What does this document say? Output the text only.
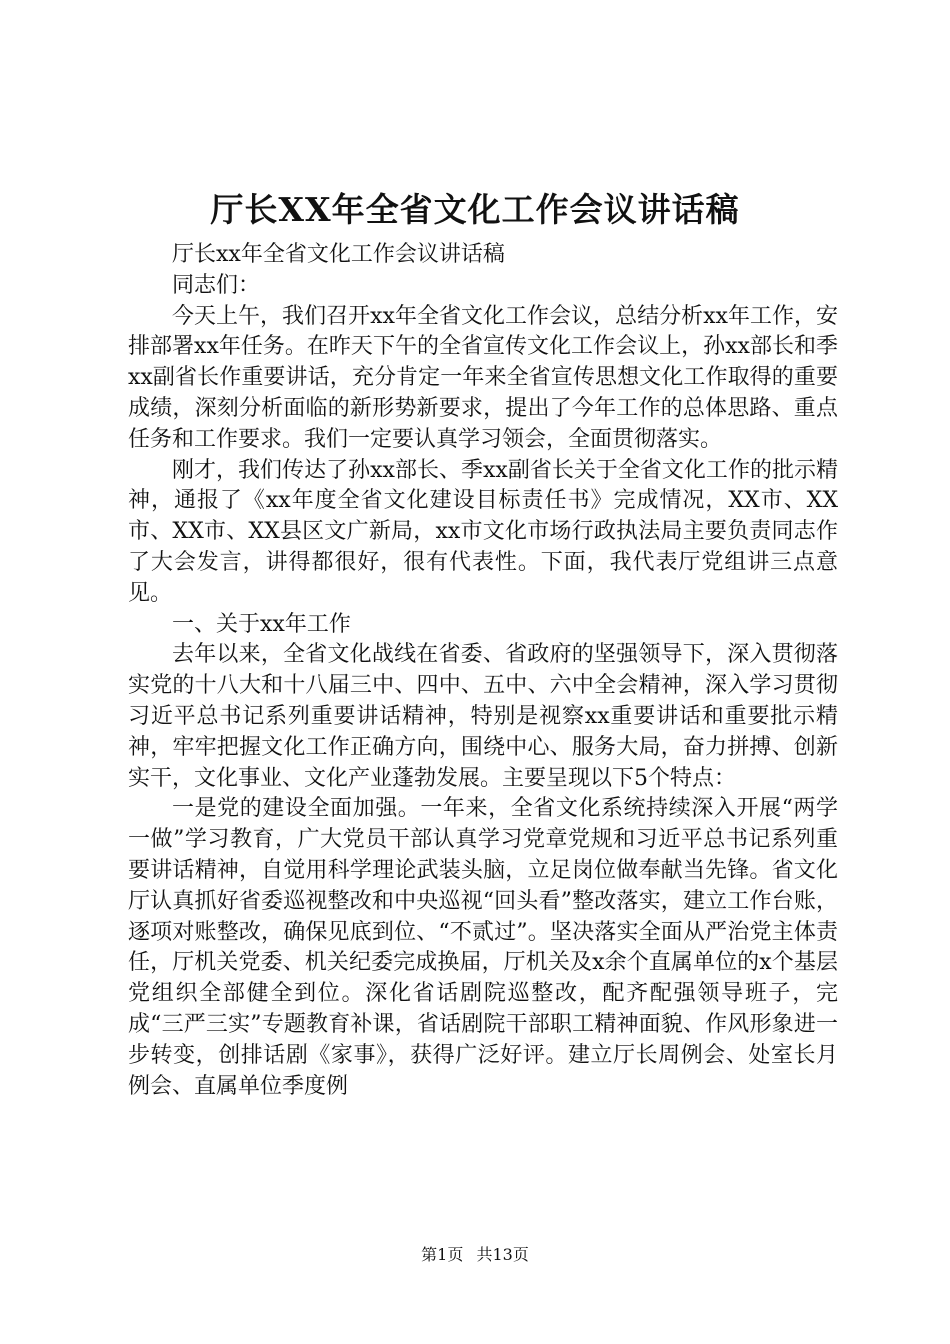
厅长XX年全省文化工作会议讲话稿

厅长xx年全省文化工作会议讲话稿

同志们：

今天上午，我们召开xx年全省文化工作会议，总结分析xx年工作，安排部署xx年任务。在昨天下午的全省宣传文化工作会议上，孙xx部长和季xx副省长作重要讲话，充分肯定一年来全省宣传思想文化工作取得的重要成绩，深刻分析面临的新形势新要求，提出了今年工作的总体思路、重点任务和工作要求。我们一定要认真学习领会，全面贯彻落实。

刚才，我们传达了孙xx部长、季xx副省长关于全省文化工作的批示精神，通报了《xx年度全省文化建设目标责任书》完成情况，XX市、XX市、XX市、XX县区文广新局，xx市文化市场行政执法局主要负责同志作了大会发言，讲得都很好，很有代表性。下面，我代表厅党组讲三点意见。

一、关于xx年工作

去年以来，全省文化战线在省委、省政府的坚强领导下，深入贯彻落实党的十八大和十八届三中、四中、五中、六中全会精神，深入学习贯彻习近平总书记系列重要讲话精神，特别是视察xx重要讲话和重要批示精神，牢牢把握文化工作正确方向，围绕中心、服务大局，奋力拼搏、创新实干，文化事业、文化产业蓬勃发展。主要呈现以下5个特点：

一是党的建设全面加强。一年来，全省文化系统持续深入开展“两学一做”学习教育，广大党员干部认真学习党章党规和习近平总书记系列重要讲话精神，自觉用科学理论武装头脑，立足岗位做奉献当先锋。省文化厅认真抓好省委巡视整改和中央巡视“回头看”整改落实，建立工作台账，逐项对账整改，确保见底到位、“不贰过”。坚决落实全面从严治党主体责任，厅机关党委、机关纪委完成换届，厅机关及x余个直属单位的x个基层党组织全部健全到位。深化省话剧院巡整改，配齐配强领导班子，完成“三严三实”专题教育补课，省话剧院干部职工精神面貌、作风形象进一步转变，创排话剧《家事》，获得广泛好评。建立厅长周例会、处室长月例会、直属单位季度例

第1页 共13页
